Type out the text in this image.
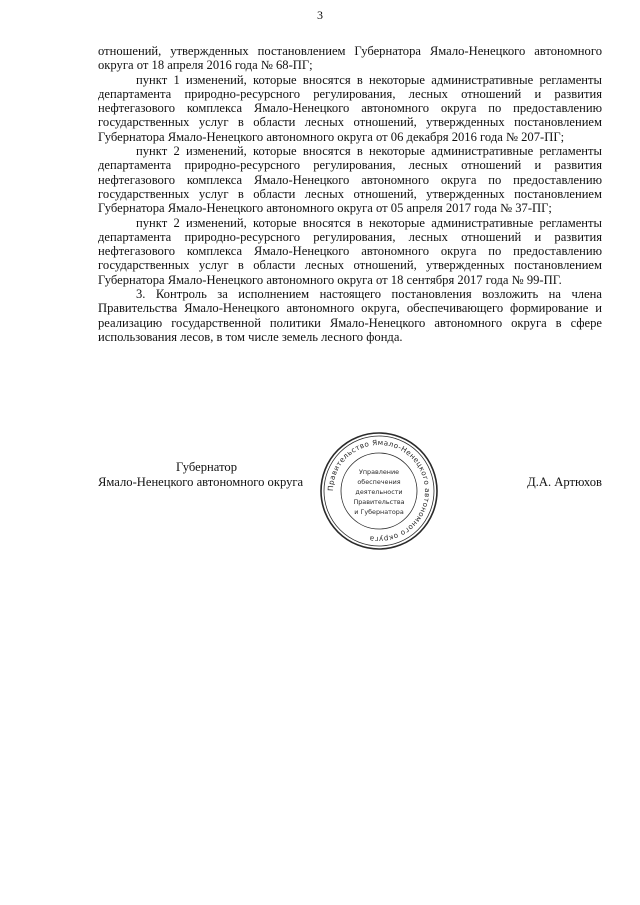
3

отношений, утвержденных постановлением Губернатора Ямало-Ненецкого автономного округа от 18 апреля 2016 года № 68-ПГ;

пункт 1 изменений, которые вносятся в некоторые административные регламенты департамента природно-ресурсного регулирования, лесных отношений и развития нефтегазового комплекса Ямало-Ненецкого автономного округа по предоставлению государственных услуг в области лесных отношений, утвержденных постановлением Губернатора Ямало-Ненецкого автономного округа от 06 декабря 2016 года № 207-ПГ;

пункт 2 изменений, которые вносятся в некоторые административные регламенты департамента природно-ресурсного регулирования, лесных отношений и развития нефтегазового комплекса Ямало-Ненецкого автономного округа по предоставлению государственных услуг в области лесных отношений, утвержденных постановлением Губернатора Ямало-Ненецкого автономного округа от 05 апреля 2017 года № 37-ПГ;

пункт 2 изменений, которые вносятся в некоторые административные регламенты департамента природно-ресурсного регулирования, лесных отношений и развития нефтегазового комплекса Ямало-Ненецкого автономного округа по предоставлению государственных услуг в области лесных отношений, утвержденных постановлением Губернатора Ямало-Ненецкого автономного округа от 18 сентября 2017 года № 99-ПГ.

3. Контроль за исполнением настоящего постановления возложить на члена Правительства Ямало-Ненецкого автономного округа, обеспечивающего формирование и реализацию государственной политики Ямало-Ненецкого автономного округа в сфере использования лесов, в том числе земель лесного фонда.

Губернатор
Ямало-Ненецкого автономного округа	Д.А. Артюхов
Правительство Ямало-Ненецкого автономного округа
Управление
обеспечения
деятельности
Правительства
и Губернатора
